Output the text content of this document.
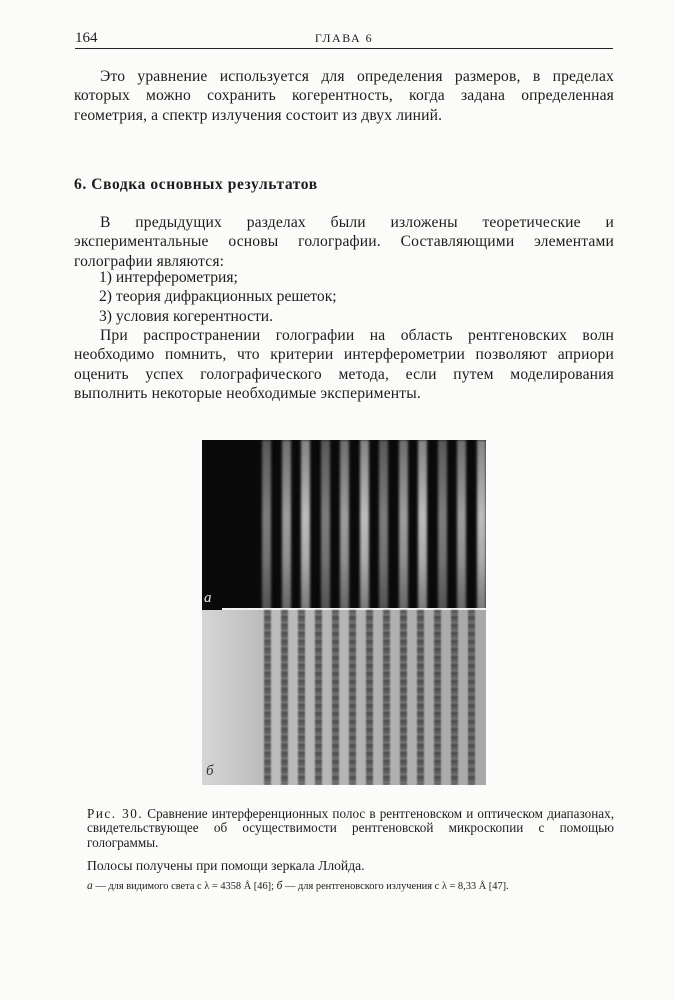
164	ГЛАВА 6
Это уравнение используется для определения размеров, в пределах которых можно сохранить когерентность, когда задана определенная геометрия, а спектр излучения состоит из двух линий.
6. Сводка основных результатов
В предыдущих разделах были изложены теоретические и экспериментальные основы голографии. Составляющими элементами голографии являются:
1) интерферометрия;
2) теория дифракционных решеток;
3) условия когерентности.
При распространении голографии на область рентгеновских волн необходимо помнить, что критерии интерферометрии позволяют априори оценить успех голографического метода, если путем моделирования выполнить некоторые необходимые эксперименты.
а
б
Рис. 30. Сравнение интерференционных полос в рентгеновском и оптическом диапазонах, свидетельствующее об осуществимости рентгеновской микроскопии с помощью голограммы.
Полосы получены при помощи зеркала Ллойда.
а — для видимого света с λ = 4358 Å [46]; б — для рентгеновского излучения с λ = 8,33 Å [47].
